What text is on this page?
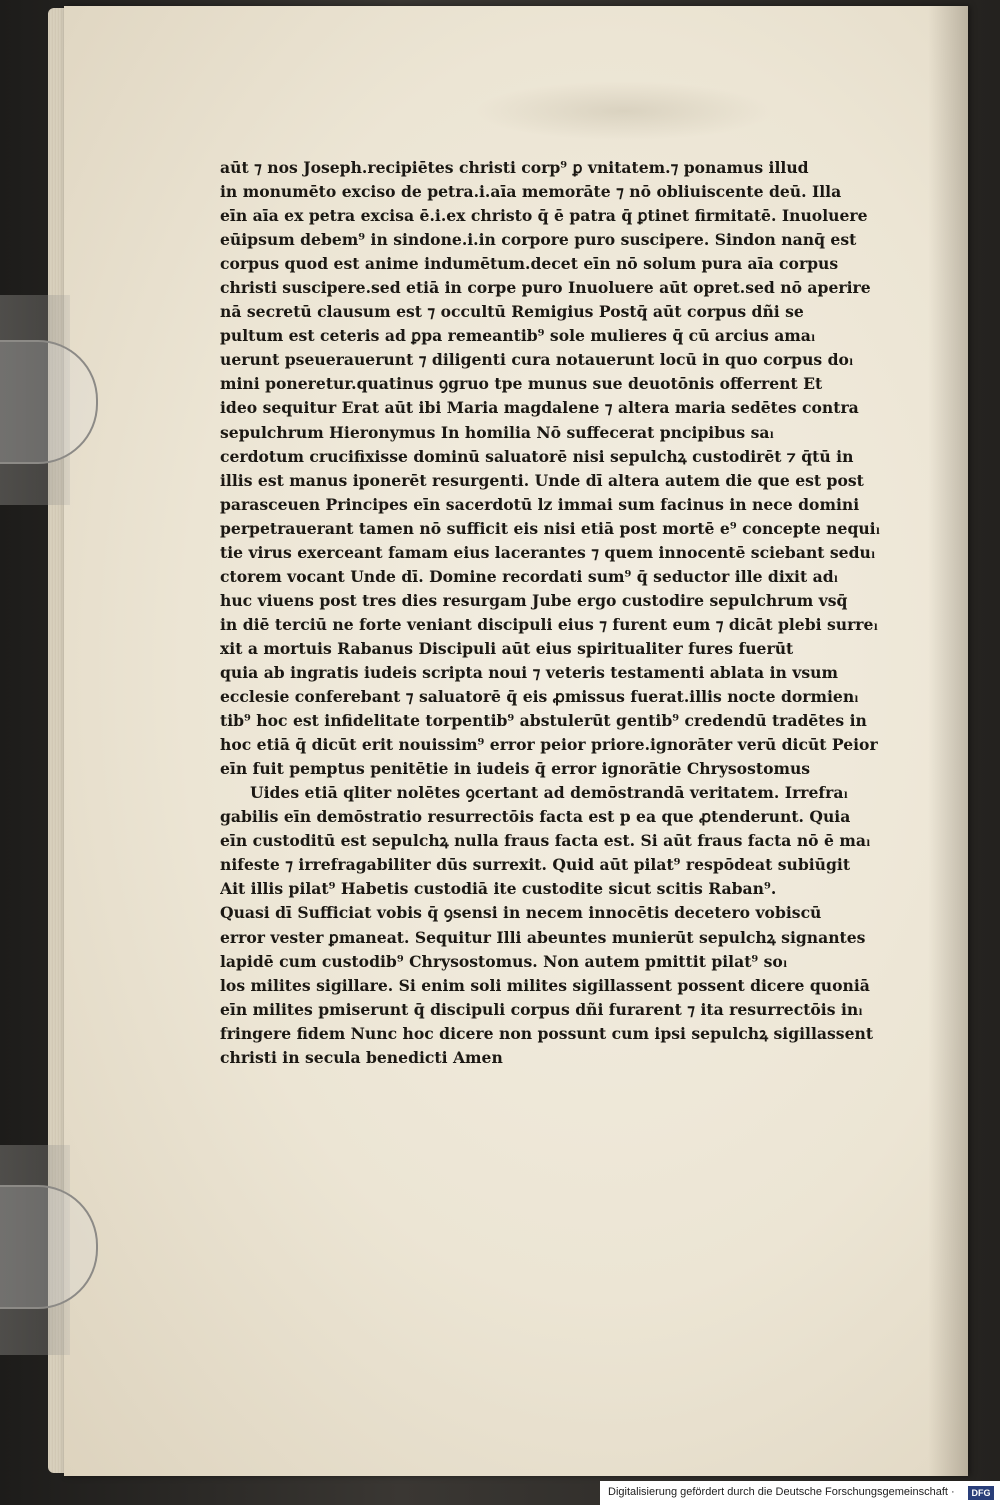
aūt ⁊ nos Joseph.recipiētes christi corp⁹ ꝑ vnitatem.⁊ ponamus illud
in monumēto exciso de petra.i.aīa memorāte ⁊ nō obliuiscente deū. Illa
eīn aīa ex petra excisa ē.i.ex christo q̄ ē patra q̄ ꝑtinet firmitatē. Inuoluere
eūipsum debem⁹ in sindone.i.in corpore puro suscipere. Sindon nanq̄ est
corpus quod est anime indumētum.decet eīn nō solum pura aīa corpus
christi suscipere.sed etiā in corpe puro Inuoluere aūt opret.sed nō aperire
nā secretū clausum est ⁊ occultū Remigius Postq̄ aūt corpus dñi se
pultum est ceteris ad ꝑpa remeantib⁹ sole mulieres q̄ cū arcius amaₗ
uerunt pseuerauerunt ⁊ diligenti cura notauerunt locū in quo corpus doₗ
mini poneretur.quatinus ꝯgruo tpe munus sue deuotōnis offerrent Et
ideo sequitur Erat aūt ibi Maria magdalene ⁊ altera maria sedētes contra
sepulchrum Hieronymus In homilia Nō suffecerat pncipibus saₗ
cerdotum crucifixisse dominū saluatorē nisi sepulchꝝ custodirēt ⁊ q̄tū in
illis est manus iponerēt resurgenti. Unde dī altera autem die que est post
parasceuen Principes eīn sacerdotū lz immai sum facinus in nece domini
perpetrauerant tamen nō sufficit eis nisi etiā post mortē e⁹ concepte nequiₗ
tie virus exerceant famam eius lacerantes ⁊ quem innocentē sciebant seduₗ
ctorem vocant Unde dī. Domine recordati sum⁹ q̄ seductor ille dixit adₗ
huc viuens post tres dies resurgam Jube ergo custodire sepulchrum vsq̄
in diē terciū ne forte veniant discipuli eius ⁊ furent eum ⁊ dicāt plebi surreₗ
xit a mortuis Rabanus Discipuli aūt eius spiritualiter fures fuerūt
quia ab ingratis iudeis scripta noui ⁊ veteris testamenti ablata in vsum
ecclesie conferebant ⁊ saluatorē q̄ eis ꝓmissus fuerat.illis nocte dormienₗ
tib⁹ hoc est infidelitate torpentib⁹ abstulerūt gentib⁹ credendū tradētes in
hoc etiā q̄ dicūt erit nouissim⁹ error peior priore.ignorāter verū dicūt Peior
eīn fuit pemptus penitētie in iudeis q̄ error ignorātie Chrysostomus
Uides etiā qliter nolētes ꝯcertant ad demōstrandā veritatem. Irrefraₗ
gabilis eīn demōstratio resurrectōis facta est p ea que ꝓtenderunt. Quia
eīn custoditū est sepulchꝝ nulla fraus facta est. Si aūt fraus facta nō ē maₗ
nifeste ⁊ irrefragabiliter dūs surrexit. Quid aūt pilat⁹ respōdeat subiūgit
Ait illis pilat⁹ Habetis custodiā ite custodite sicut scitis Raban⁹.
Quasi dī Sufficiat vobis q̄ ꝯsensi in necem innocētis decetero vobiscū
error vester ꝑmaneat. Sequitur Illi abeuntes munierūt sepulchꝝ signantes
lapidē cum custodib⁹ Chrysostomus. Non autem pmittit pilat⁹ soₗ
los milites sigillare. Si enim soli milites sigillassent possent dicere quoniā
eīn milites pmiserunt q̄ discipuli corpus dñi furarent ⁊ ita resurrectōis inₗ
fringere fidem Nunc hoc dicere non possunt cum ipsi sepulchꝝ sigillassent
christi in secula benedicti Amen
Digitalisierung gefördert durch die Deutsche Forschungsgemeinschaft ·	DFG
